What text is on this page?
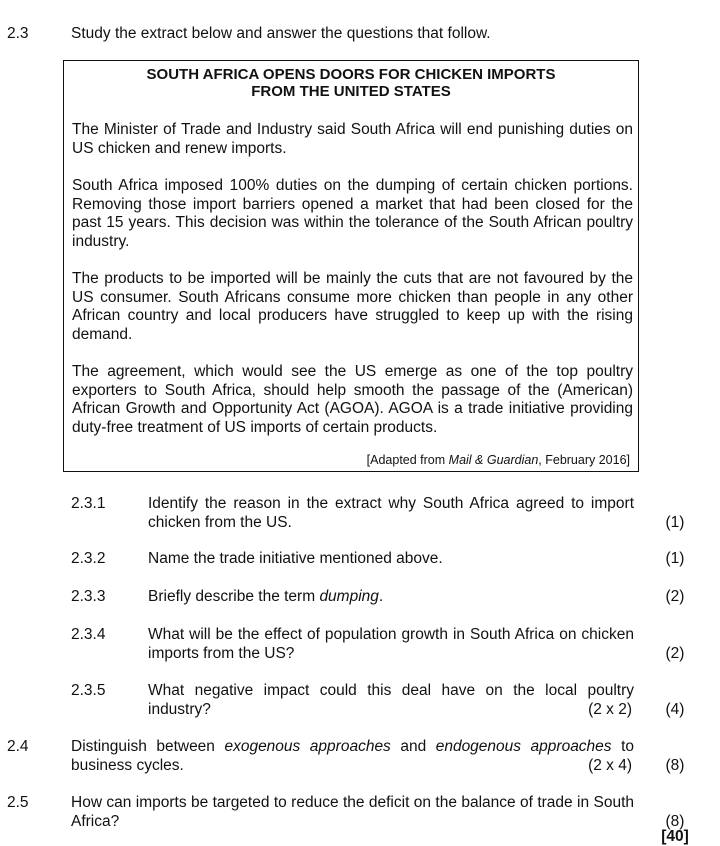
2.3	Study the extract below and answer the questions that follow.
SOUTH AFRICA OPENS DOORS FOR CHICKEN IMPORTS
FROM THE UNITED STATES
The Minister of Trade and Industry said South Africa will end punishing duties on US chicken and renew imports.
South Africa imposed 100% duties on the dumping of certain chicken portions. Removing those import barriers opened a market that had been closed for the past 15 years. This decision was within the tolerance of the South African poultry industry.
The products to be imported will be mainly the cuts that are not favoured by the US consumer. South Africans consume more chicken than people in any other African country and local producers have struggled to keep up with the rising demand.
The agreement, which would see the US emerge as one of the top poultry exporters to South Africa, should help smooth the passage of the (American) African Growth and Opportunity Act (AGOA). AGOA is a trade initiative providing duty-free treatment of US imports of certain products.
[Adapted from Mail & Guardian, February 2016]
2.3.1	Identify the reason in the extract why South Africa agreed to import chicken from the US.	(1)
2.3.2	Name the trade initiative mentioned above.	(1)
2.3.3	Briefly describe the term dumping.	(2)
2.3.4	What will be the effect of population growth in South Africa on chicken imports from the US?	(2)
2.3.5	What negative impact could this deal have on the local poultry industry?	(2 x 2)	(4)
2.4	Distinguish between exogenous approaches and endogenous approaches to business cycles.	(2 x 4)	(8)
2.5	How can imports be targeted to reduce the deficit on the balance of trade in South Africa?	(8)
[40]
